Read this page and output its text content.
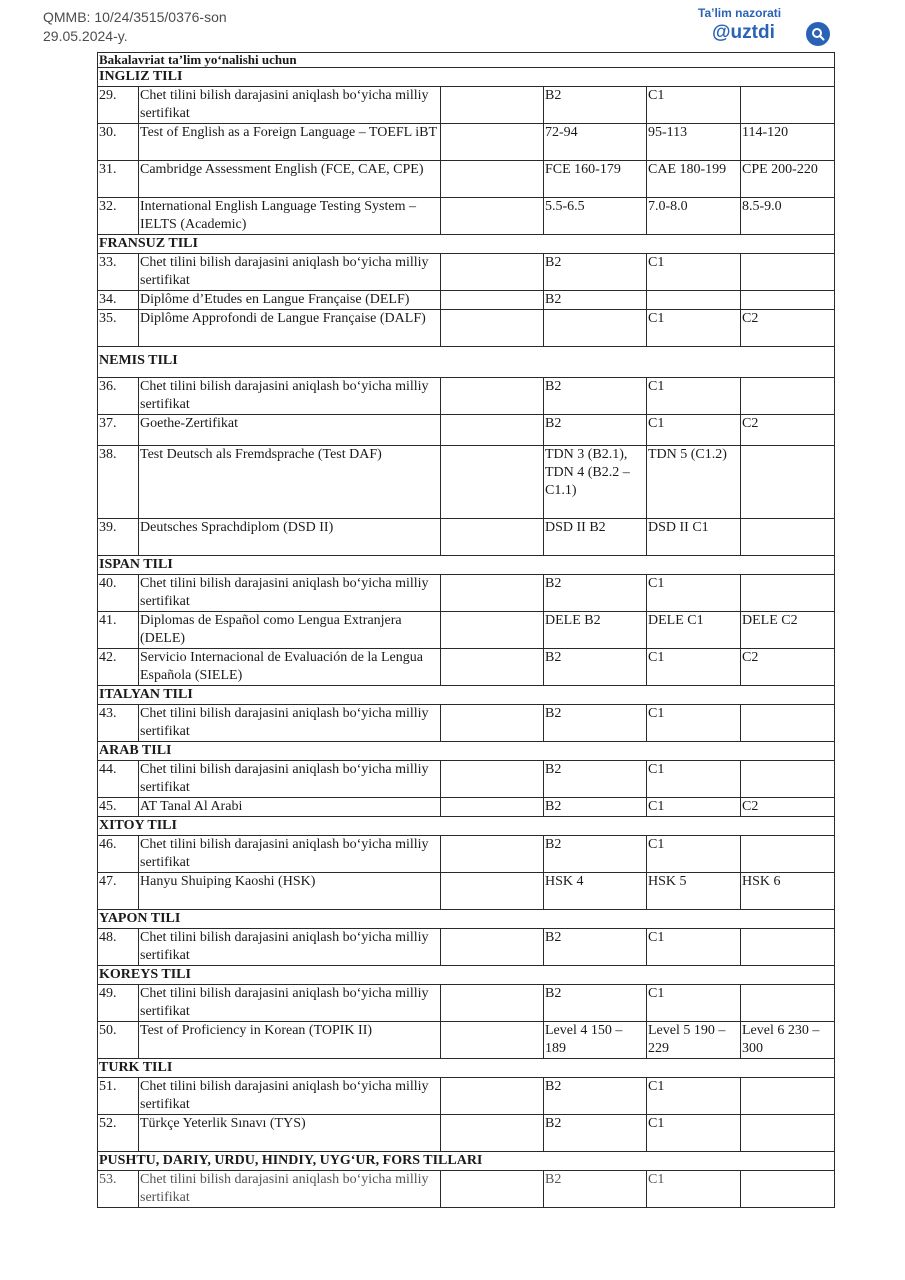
QMMB: 10/24/3515/0376-son
29.05.2024-y.
Ta’lim nazorati
@uztdi
Bakalavriat ta’lim yo‘nalishi uchun					
INGLIZ TILI					
29.	Chet tilini bilish darajasini aniqlash bo‘yicha milliy sertifikat		B2	C1	
30.	Test of English as a Foreign Language – TOEFL iBT		72-94	95-113	114-120
31.	Cambridge Assessment English (FCE, CAE, CPE)		FCE 160-179	CAE 180-199	CPE 200-220
32.	International English Language Testing System – IELTS (Academic)		5.5-6.5	7.0-8.0	8.5-9.0
FRANSUZ TILI					
33.	Chet tilini bilish darajasini aniqlash bo‘yicha milliy sertifikat		B2	C1	
34.	Diplôme d’Etudes en Langue Française (DELF)		B2		
35.	Diplôme Approfondi de Langue Française (DALF)			C1	C2
NEMIS TILI					
36.	Chet tilini bilish darajasini aniqlash bo‘yicha milliy sertifikat		B2	C1	
37.	Goethe-Zertifikat		B2	C1	C2
38.	Test Deutsch als Fremdsprache (Test DAF)		TDN 3 (B2.1), TDN 4 (B2.2 – C1.1)	TDN 5 (C1.2)	
39.	Deutsches Sprachdiplom (DSD II)		DSD II B2	DSD II C1	
ISPAN TILI					
40.	Chet tilini bilish darajasini aniqlash bo‘yicha milliy sertifikat		B2	C1	
41.	Diplomas de Español como Lengua Extranjera (DELE)		DELE B2	DELE C1	DELE C2
42.	Servicio Internacional de Evaluación de la Lengua Española (SIELE)		B2	C1	C2
ITALYAN TILI					
43.	Chet tilini bilish darajasini aniqlash bo‘yicha milliy sertifikat		B2	C1	
ARAB TILI					
44.	Chet tilini bilish darajasini aniqlash bo‘yicha milliy sertifikat		B2	C1	
45.	AT Tanal Al Arabi		B2	C1	C2
XITOY TILI					
46.	Chet tilini bilish darajasini aniqlash bo‘yicha milliy sertifikat		B2	C1	
47.	Hanyu Shuiping Kaoshi (HSK)		HSK 4	HSK 5	HSK 6
YAPON TILI					
48.	Chet tilini bilish darajasini aniqlash bo‘yicha milliy sertifikat		B2	C1	
KOREYS TILI					
49.	Chet tilini bilish darajasini aniqlash bo‘yicha milliy sertifikat		B2	C1	
50.	Test of Proficiency in Korean (TOPIK II)		Level 4 150 – 189	Level 5 190 – 229	Level 6 230 – 300
TURK TILI					
51.	Chet tilini bilish darajasini aniqlash bo‘yicha milliy sertifikat		B2	C1	
52.	Türkçe Yeterlik Sınavı (TYS)		B2	C1	
PUSHTU, DARIY, URDU, HINDIY, UYG‘UR, FORS TILLARI					
53.	Chet tilini bilish darajasini aniqlash bo‘yicha milliy sertifikat		B2	C1	
